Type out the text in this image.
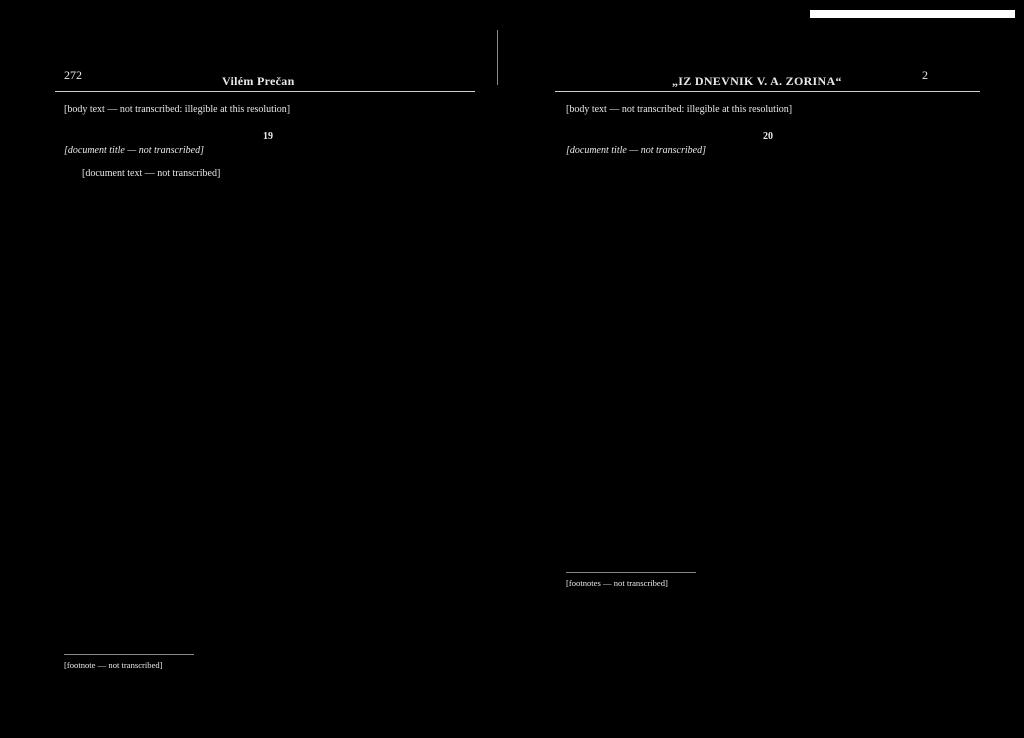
272	Vilém Prečan

[body text — not transcribed: illegible at this resolution]

19
[document title — not transcribed]

[document text — not transcribed]

[footnote — not transcribed]

2
„IZ DNEVNIK V. A. ZORINA“

[body text — not transcribed: illegible at this resolution]

20
[document title — not transcribed]

[footnotes — not transcribed]
